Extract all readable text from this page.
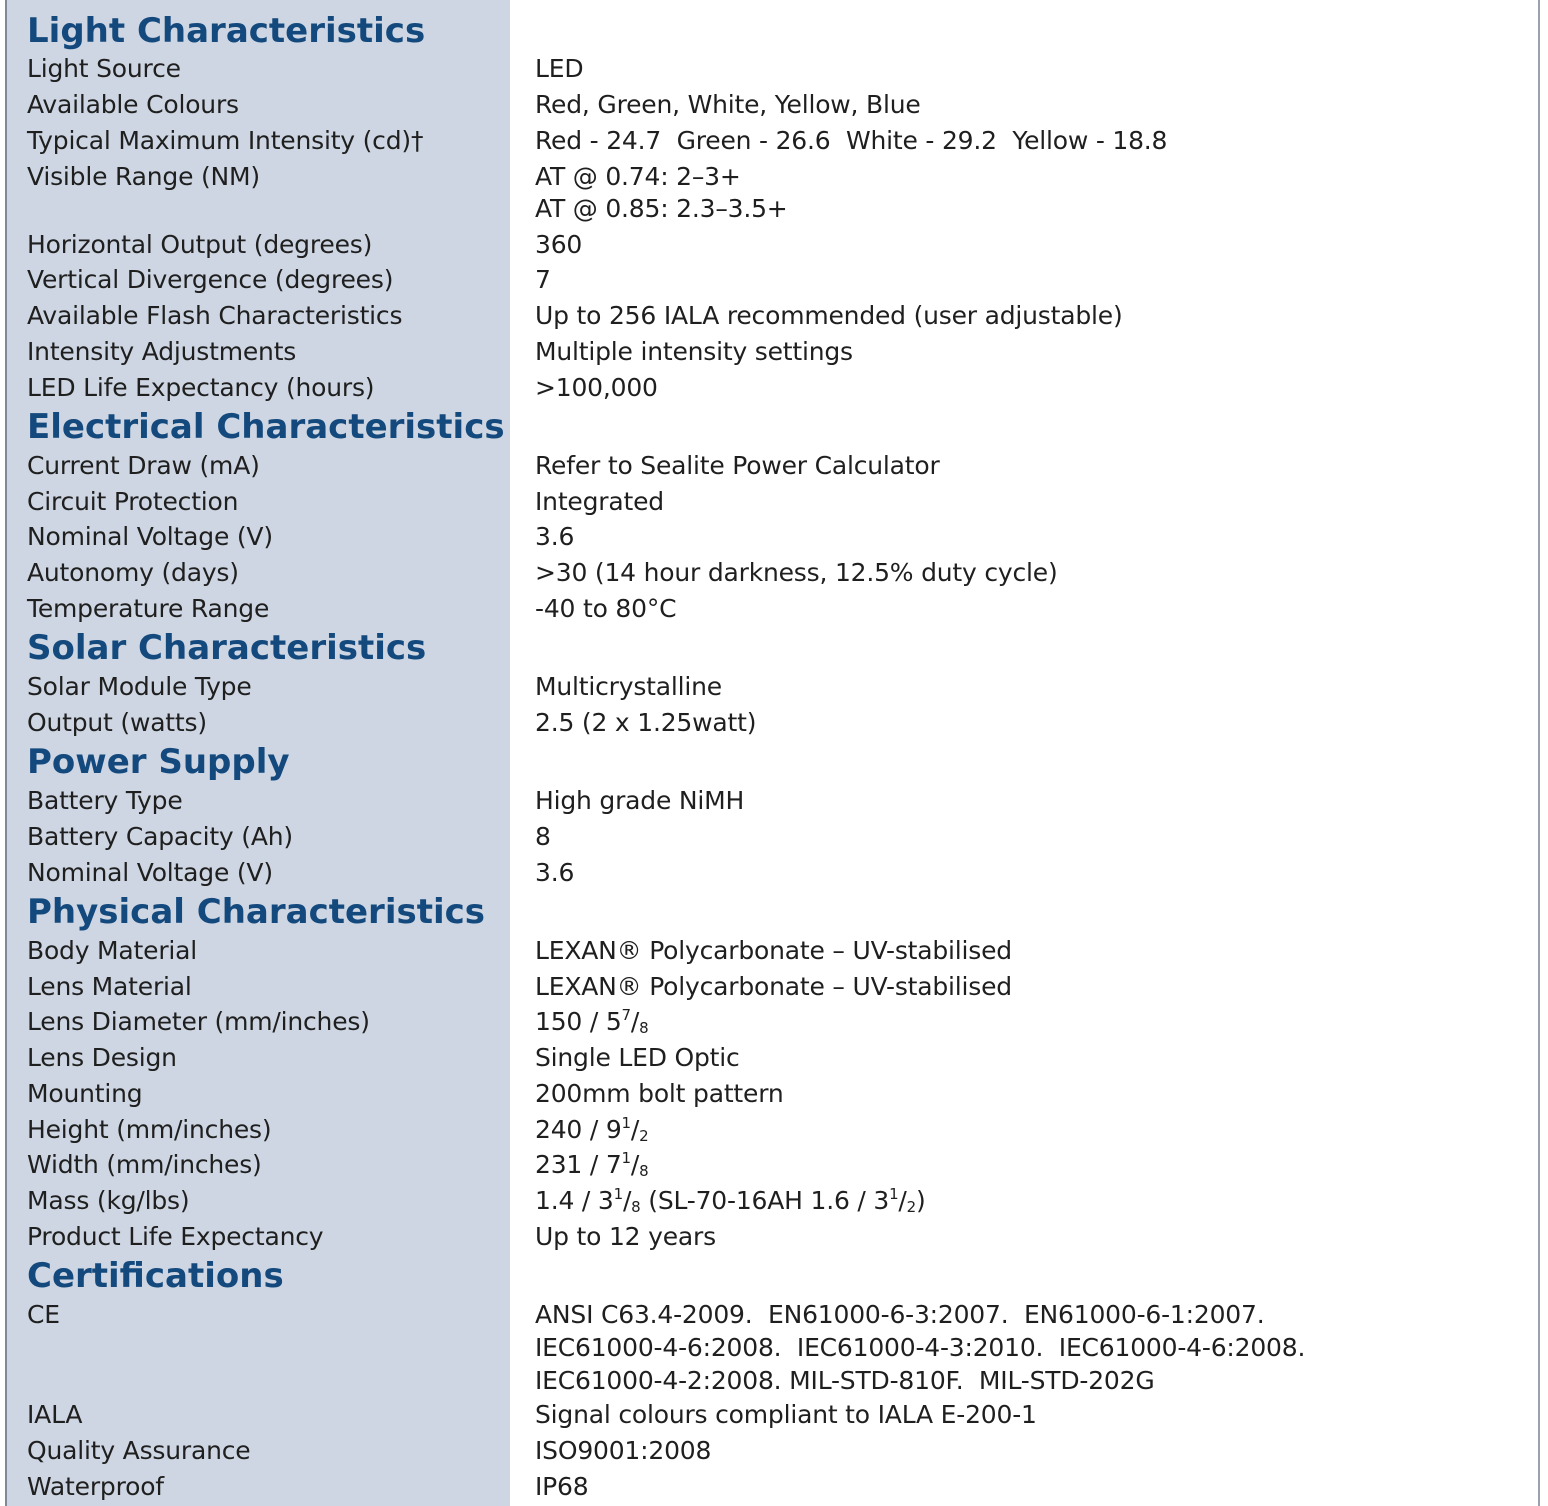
Light Characteristics
Light Source	LED
Available Colours	Red, Green, White, Yellow, Blue
Typical Maximum Intensity (cd)†	Red - 24.7  Green - 26.6  White - 29.2  Yellow - 18.8
Visible Range (NM)	AT @ 0.74: 2–3+
AT @ 0.85: 2.3–3.5+
Horizontal Output (degrees)	360
Vertical Divergence (degrees)	7
Available Flash Characteristics	Up to 256 IALA recommended (user adjustable)
Intensity Adjustments	Multiple intensity settings
LED Life Expectancy (hours)	>100,000
Electrical Characteristics
Current Draw (mA)	Refer to Sealite Power Calculator
Circuit Protection	Integrated
Nominal Voltage (V)	3.6
Autonomy (days)	>30 (14 hour darkness, 12.5% duty cycle)
Temperature Range	-40 to 80°C
Solar Characteristics
Solar Module Type	Multicrystalline
Output (watts)	2.5 (2 x 1.25watt)
Power Supply
Battery Type	High grade NiMH
Battery Capacity (Ah)	8
Nominal Voltage (V)	3.6
Physical Characteristics
Body Material	LEXAN® Polycarbonate – UV-stabilised
Lens Material	LEXAN® Polycarbonate – UV-stabilised
Lens Diameter (mm/inches)	$150 / 5^7/_8$
Lens Design	Single LED Optic
Mounting	200mm bolt pattern
Height (mm/inches)	$240 / 9^1/_2$
Width (mm/inches)	$231 / 7^1/_8$
Mass (kg/lbs)	$1.4 / 3^1/_8$ (SL-70-16AH $1.6 / 3^1/_2$)
Product Life Expectancy	Up to 12 years
Certifications
CE	ANSI C63.4-2009.  EN61000-6-3:2007.  EN61000-6-1:2007.
IEC61000-4-6:2008.  IEC61000-4-3:2010.  IEC61000-4-6:2008.
IEC61000-4-2:2008. MIL-STD-810F.  MIL-STD-202G
IALA	Signal colours compliant to IALA E-200-1
Quality Assurance	ISO9001:2008
Waterproof	IP68
